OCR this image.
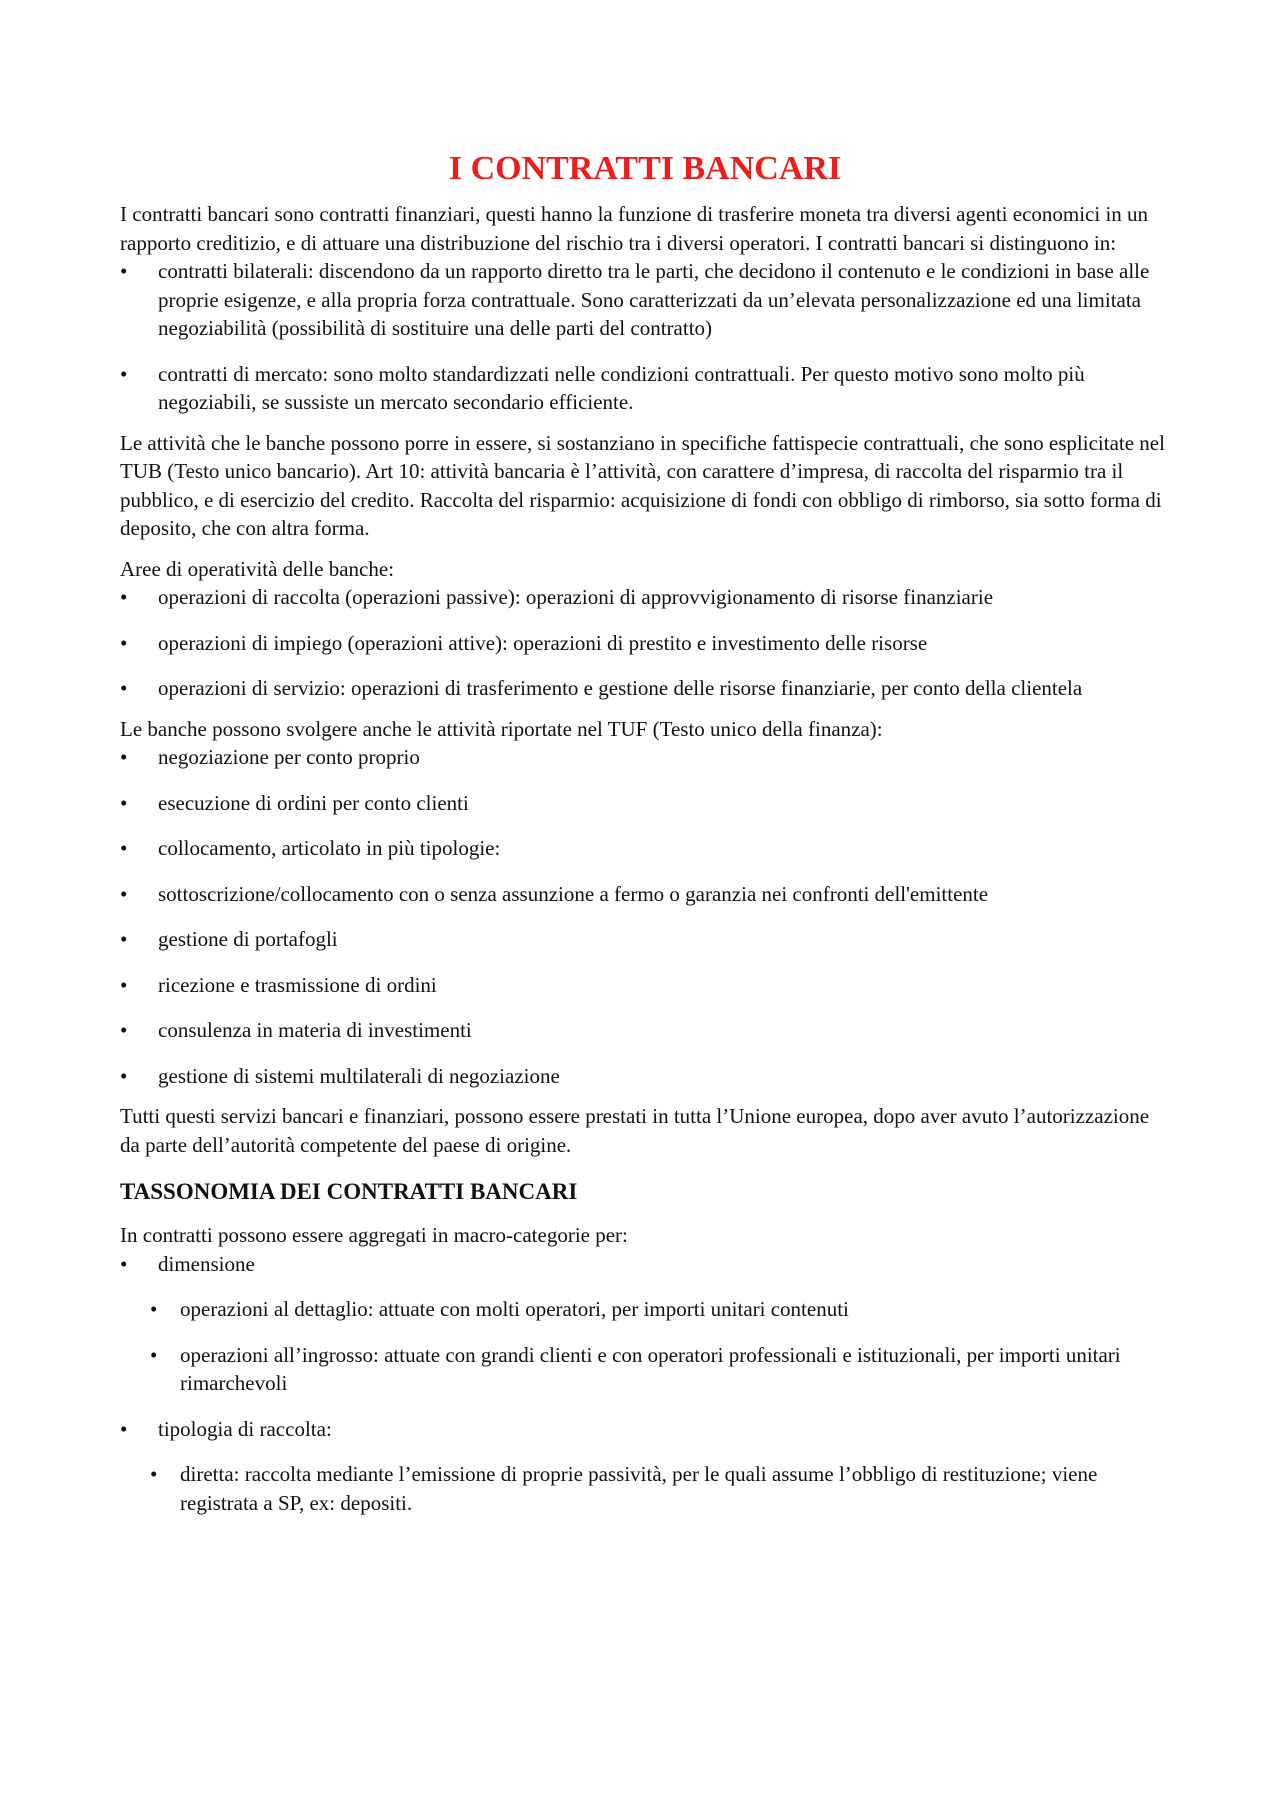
I CONTRATTI BANCARI

I contratti bancari sono contratti finanziari, questi hanno la funzione di trasferire moneta tra diversi agenti economici in un rapporto creditizio, e di attuare una distribuzione del rischio tra i diversi operatori. I contratti bancari si distinguono in:

• contratti bilaterali: discendono da un rapporto diretto tra le parti, che decidono il contenuto e le condizioni in base alle proprie esigenze, e alla propria forza contrattuale. Sono caratterizzati da un’elevata personalizzazione ed una limitata negoziabilità (possibilità di sostituire una delle parti del contratto)
• contratti di mercato: sono molto standardizzati nelle condizioni contrattuali. Per questo motivo sono molto più negoziabili, se sussiste un mercato secondario efficiente.

Le attività che le banche possono porre in essere, si sostanziano in specifiche fattispecie contrattuali, che sono esplicitate nel TUB (Testo unico bancario). Art 10: attività bancaria è l’attività, con carattere d’impresa, di raccolta del risparmio tra il pubblico, e di esercizio del credito. Raccolta del risparmio: acquisizione di fondi con obbligo di rimborso, sia sotto forma di deposito, che con altra forma.

Aree di operatività delle banche:

• operazioni di raccolta (operazioni passive): operazioni di approvvigionamento di risorse finanziarie
• operazioni di impiego (operazioni attive): operazioni di prestito e investimento delle risorse
• operazioni di servizio: operazioni di trasferimento e gestione delle risorse finanziarie, per conto della clientela

Le banche possono svolgere anche le attività riportate nel TUF (Testo unico della finanza):

• negoziazione per conto proprio
• esecuzione di ordini per conto clienti
• collocamento, articolato in più tipologie:
• sottoscrizione/collocamento con o senza assunzione a fermo o garanzia nei confronti dell'emittente
• gestione di portafogli
• ricezione e trasmissione di ordini
• consulenza in materia di investimenti
• gestione di sistemi multilaterali di negoziazione

Tutti questi servizi bancari e finanziari, possono essere prestati in tutta l’Unione europea, dopo aver avuto l’autorizzazione da parte dell’autorità competente del paese di origine.

TASSONOMIA DEI CONTRATTI BANCARI

In contratti possono essere aggregati in macro-categorie per:

• dimensione
• operazioni al dettaglio: attuate con molti operatori, per importi unitari contenuti
• operazioni all’ingrosso: attuate con grandi clienti e con operatori professionali e istituzionali, per importi unitari rimarchevoli
• tipologia di raccolta:
• diretta: raccolta mediante l’emissione di proprie passività, per le quali assume l’obbligo di restituzione; viene registrata a SP, ex: depositi.
